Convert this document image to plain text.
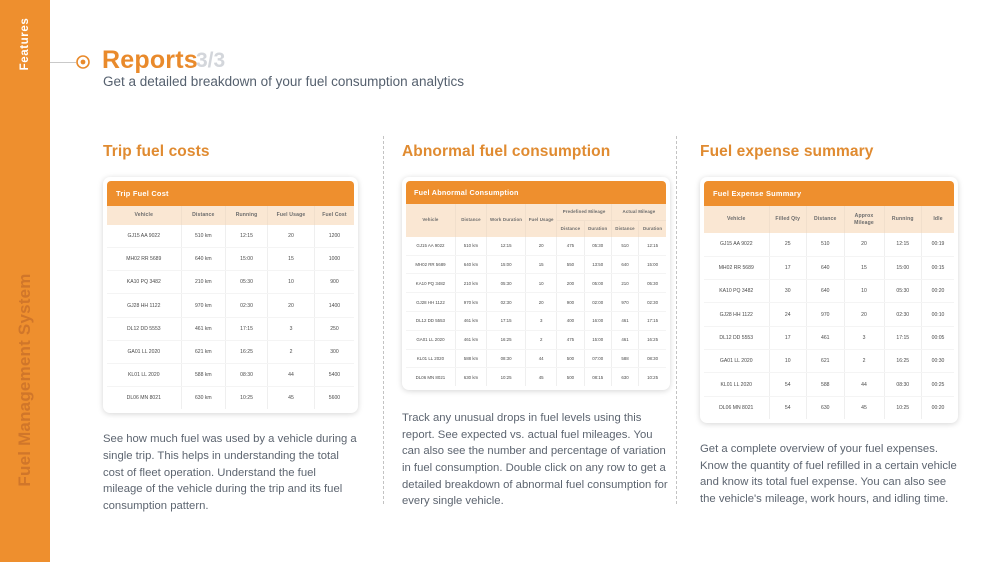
Features
Fuel Management System
Reports
3/3
Get a detailed breakdown of your fuel consumption analytics
Trip fuel costs
Trip Fuel Cost
Vehicle	Distance	Running	Fuel Usage	Fuel Cost
GJ15 AA 9022	510 km	12:15	20	1200
MH02 RR 5689	640 km	15:00	15	1000
KA10 PQ 3482	210 km	05:30	10	900
GJ28 HH 1122	970 km	02:30	20	1400
DL12 DD 5553	461 km	17:15	3	250
GA01 LL 2020	621 km	16:25	2	300
KL01 LL 2020	588 km	08:30	44	5400
DL06 MN 8021	630 km	10:25	45	5600
See how much fuel was used by a vehicle during a single trip. This helps in understanding the total cost of fleet operation. Understand the fuel mileage of the vehicle during the trip and its fuel consumption pattern.
Abnormal fuel consumption
Fuel Abnormal Consumption
Vehicle	Distance	Work Duration	Fuel Usage	Predefined Mileage		Actual Mileage	
				Distance	Duration	Distance	Duration
GJ15 AA 9022	510 km	12:15	20	475	05:30	510	12:15
MH02 RR 5689	640 km	15:00	15	550	13:50	640	15:00
KA10 PQ 3482	210 km	05:30	10	200	05:00	210	05:30
GJ28 HH 1122	970 km	02:30	20	900	02:00	970	02:30
DL12 DD 5553	461 km	17:15	3	400	16:00	461	17:15
GA01 LL 2020	461 km	16:25	2	475	15:00	461	16:25
KL01 LL 2020	588 km	08:30	44	500	07:00	588	08:30
DL06 MN 8021	630 km	10:25	45	500	08:15	630	10:25
Track any unusual drops in fuel levels using this report. See expected vs. actual fuel mileages. You can also see the number and percentage of variation in fuel consumption. Double click on any row to get a detailed breakdown of abnormal fuel consumption for every single vehicle.
Fuel expense summary
Fuel Expense Summary
Vehicle	Filled Qty	Distance	Approx Mileage	Running	Idle
GJ15 AA 9022	25	510	20	12:15	00:19
MH02 RR 5689	17	640	15	15:00	00:15
KA10 PQ 3482	30	640	10	05:30	00:20
GJ28 HH 1122	24	970	20	02:30	00:10
DL12 DD 5553	17	461	3	17:15	00:05
GA01 LL 2020	10	621	2	16:25	00:30
KL01 LL 2020	54	588	44	08:30	00:25
DL06 MN 8021	54	630	45	10:25	00:20
Get a complete overview of your fuel expenses. Know the quantity of fuel refilled in a certain vehicle and know its total fuel expense. You can also see the vehicle's mileage, work hours, and idling time.
